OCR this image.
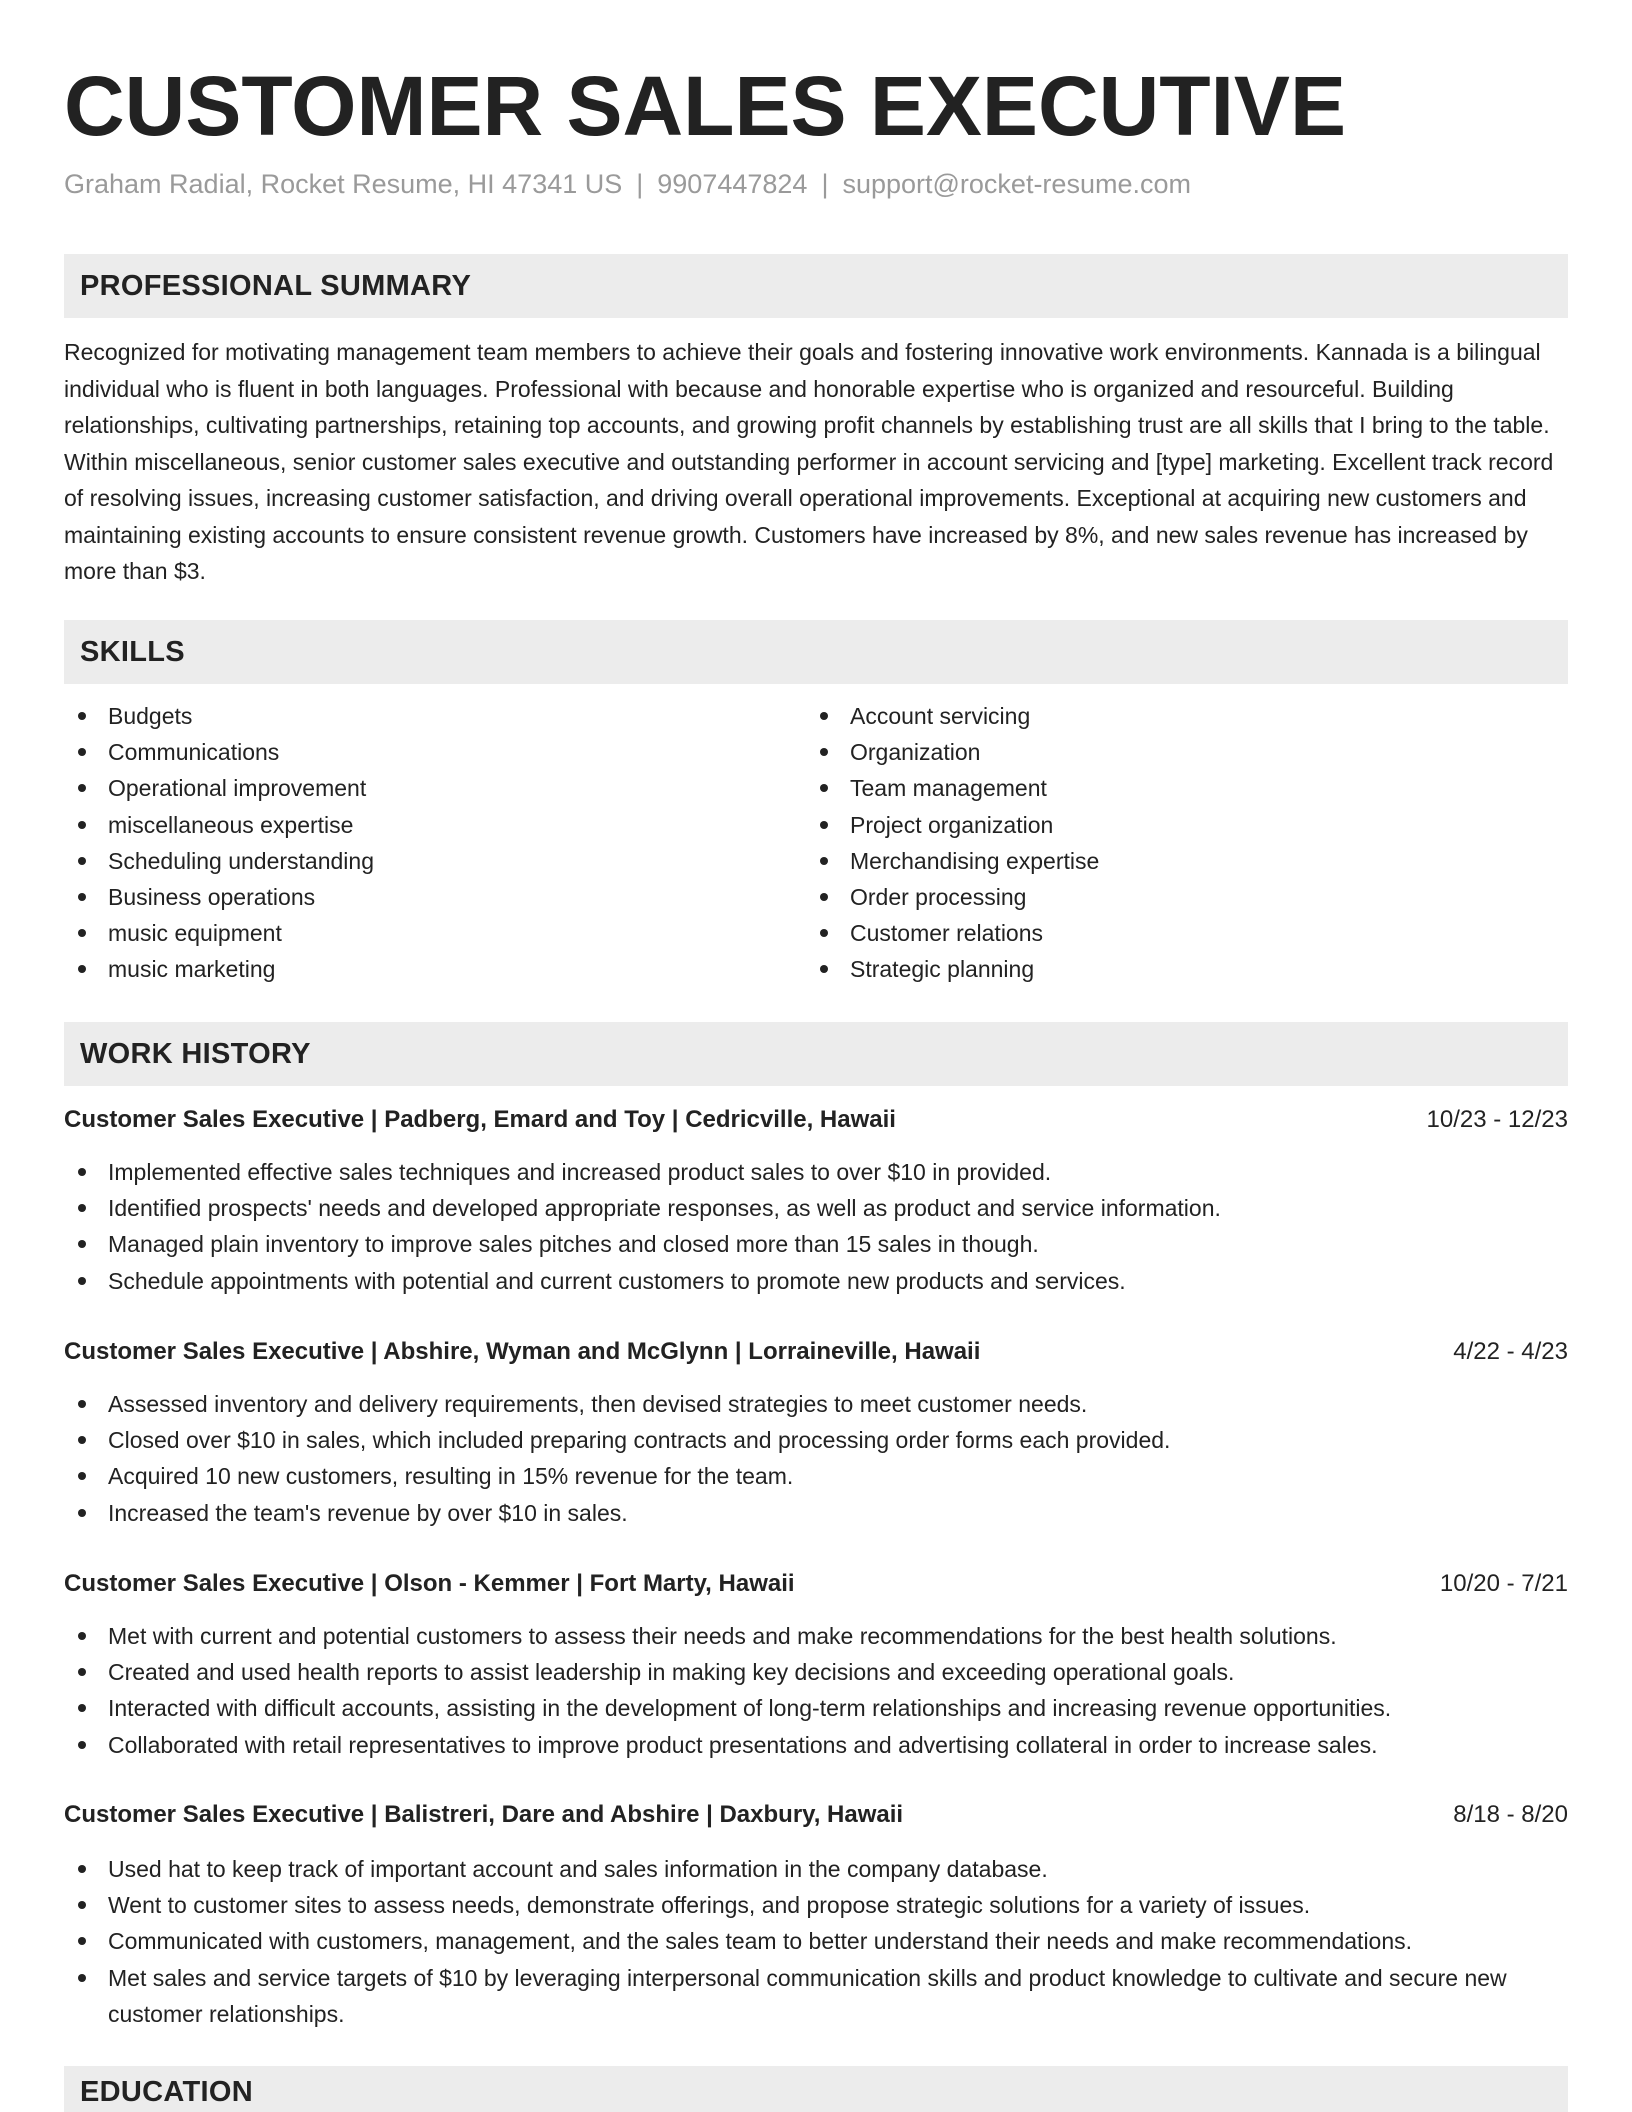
CUSTOMER SALES EXECUTIVE
Graham Radial, Rocket Resume, HI 47341 US | 9907447824 | support@rocket-resume.com
PROFESSIONAL SUMMARY

Recognized for motivating management team members to achieve their goals and fostering innovative work environments. Kannada is a bilingual individual who is fluent in both languages. Professional with because and honorable expertise who is organized and resourceful. Building relationships, cultivating partnerships, retaining top accounts, and growing profit channels by establishing trust are all skills that I bring to the table. Within miscellaneous, senior customer sales executive and outstanding performer in account servicing and [type] marketing. Excellent track record of resolving issues, increasing customer satisfaction, and driving overall operational improvements. Exceptional at acquiring new customers and maintaining existing accounts to ensure consistent revenue growth. Customers have increased by 8%, and new sales revenue has increased by more than $3.

SKILLS
Budgets
Communications
Operational improvement
miscellaneous expertise
Scheduling understanding
Business operations
music equipment
music marketing
Account servicing
Organization
Team management
Project organization
Merchandising expertise
Order processing
Customer relations
Strategic planning
WORK HISTORY
Customer Sales Executive | Padberg, Emard and Toy | Cedricville, Hawaii	10/23 - 12/23
Implemented effective sales techniques and increased product sales to over $10 in provided.
Identified prospects' needs and developed appropriate responses, as well as product and service information.
Managed plain inventory to improve sales pitches and closed more than 15 sales in though.
Schedule appointments with potential and current customers to promote new products and services.
Customer Sales Executive | Abshire, Wyman and McGlynn | Lorraineville, Hawaii	4/22 - 4/23
Assessed inventory and delivery requirements, then devised strategies to meet customer needs.
Closed over $10 in sales, which included preparing contracts and processing order forms each provided.
Acquired 10 new customers, resulting in 15% revenue for the team.
Increased the team's revenue by over $10 in sales.
Customer Sales Executive | Olson - Kemmer | Fort Marty, Hawaii	10/20 - 7/21
Met with current and potential customers to assess their needs and make recommendations for the best health solutions.
Created and used health reports to assist leadership in making key decisions and exceeding operational goals.
Interacted with difficult accounts, assisting in the development of long-term relationships and increasing revenue opportunities.
Collaborated with retail representatives to improve product presentations and advertising collateral in order to increase sales.
Customer Sales Executive | Balistreri, Dare and Abshire | Daxbury, Hawaii	8/18 - 8/20
Used hat to keep track of important account and sales information in the company database.
Went to customer sites to assess needs, demonstrate offerings, and propose strategic solutions for a variety of issues.
Communicated with customers, management, and the sales team to better understand their needs and make recommendations.
Met sales and service targets of $10 by leveraging interpersonal communication skills and product knowledge to cultivate and secure new customer relationships.
EDUCATION
